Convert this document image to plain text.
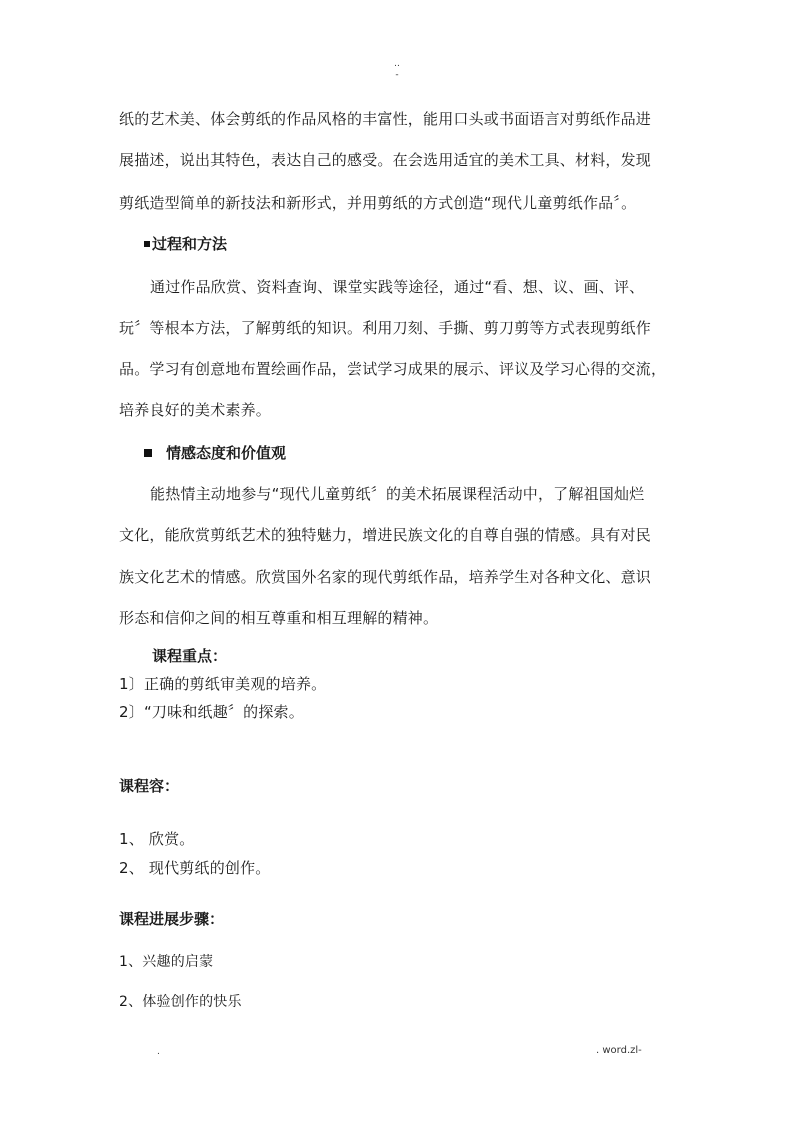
..
-
纸的艺术美、体会剪纸的作品风格的丰富性，能用口头或书面语言对剪纸作品进
展描述，说出其特色，表达自己的感受。在会选用适宜的美术工具、材料，发现
剪纸造型简单的新技法和新形式，并用剪纸的方式创造“现代儿童剪纸作品〞。
过程和方法
通过作品欣赏、资料查询、课堂实践等途径，通过“看、想、议、画、评、
玩〞等根本方法，了解剪纸的知识。利用刀刻、手撕、剪刀剪等方式表现剪纸作
品。学习有创意地布置绘画作品，尝试学习成果的展示、评议及学习心得的交流，
培养良好的美术素养。
情感态度和价值观
能热情主动地参与“现代儿童剪纸〞的美术拓展课程活动中，了解祖国灿烂
文化，能欣赏剪纸艺术的独特魅力，增进民族文化的自尊自强的情感。具有对民
族文化艺术的情感。欣赏国外名家的现代剪纸作品，培养学生对各种文化、意识
形态和信仰之间的相互尊重和相互理解的精神。
课程重点：
1〕正确的剪纸审美观的培养。
2〕“刀味和纸趣〞的探索。
课程容：
1、 欣赏。
2、 现代剪纸的创作。
课程进展步骤：
1、兴趣的启蒙
2、体验创作的快乐
.	. word.zl-
